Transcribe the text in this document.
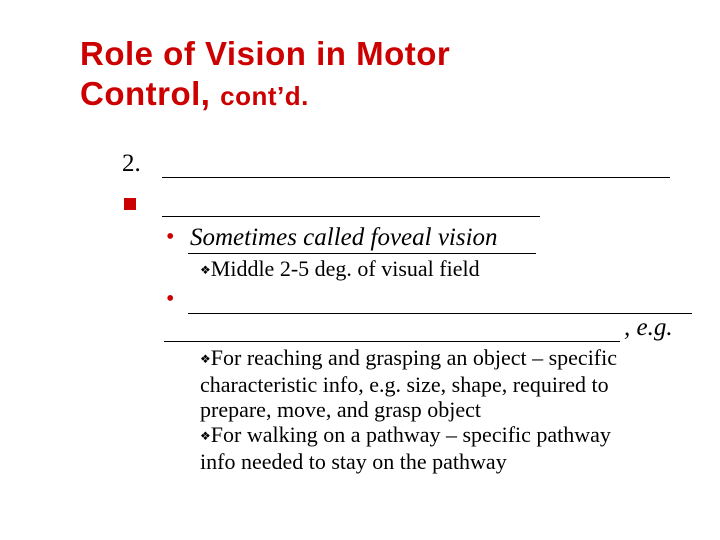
Role of Vision in Motor
Control, cont’d.
2.
• Sometimes called foveal vision
❖Middle 2-5 deg. of visual field
•
, e.g.
❖For reaching and grasping an object – specific
characteristic info, e.g. size, shape, required to
prepare, move, and grasp object
❖For walking on a pathway – specific pathway
info needed to stay on the pathway
